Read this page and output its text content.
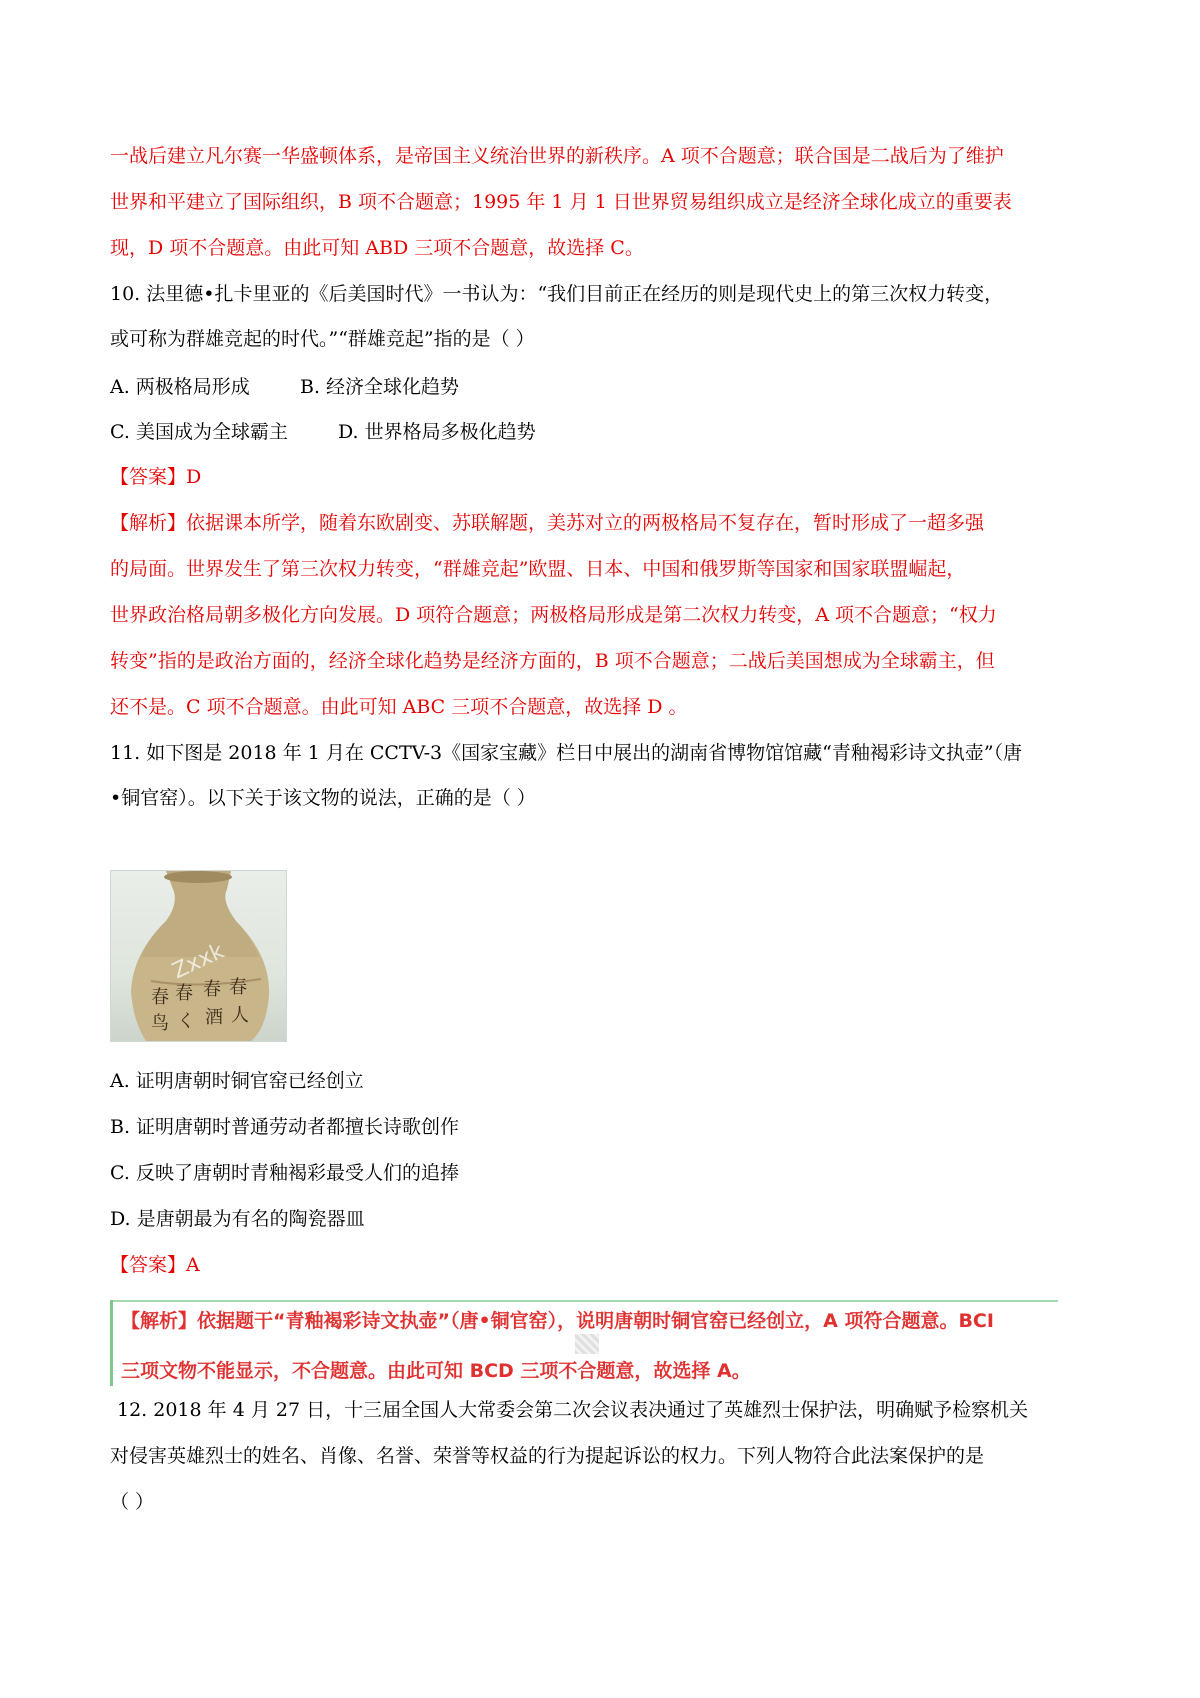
一战后建立凡尔赛一华盛顿体系，是帝国主义统治世界的新秩序。A 项不合题意；联合国是二战后为了维护
世界和平建立了国际组织，B 项不合题意；1995 年 1 月 1 日世界贸易组织成立是经济全球化成立的重要表
现，D 项不合题意。由此可知 ABD 三项不合题意，故选择 C。
10. 法里德•扎卡里亚的《后美国时代》一书认为：“我们目前正在经历的则是现代史上的第三次权力转变，
或可称为群雄竞起的时代。”“群雄竞起”指的是（ ）
A. 两极格局形成	B. 经济全球化趋势
C. 美国成为全球霸主	D. 世界格局多极化趋势
【答案】D
【解析】依据课本所学，随着东欧剧变、苏联解题，美苏对立的两极格局不复存在，暂时形成了一超多强
的局面。世界发生了第三次权力转变，“群雄竞起”欧盟、日本、中国和俄罗斯等国家和国家联盟崛起，
世界政治格局朝多极化方向发展。D 项符合题意；两极格局形成是第二次权力转变，A 项不合题意；“权力
转变”指的是政治方面的，经济全球化趋势是经济方面的，B 项不合题意；二战后美国想成为全球霸主，但
还不是。C 项不合题意。由此可知 ABC 三项不合题意，故选择 D 。
11. 如下图是 2018 年 1 月在 CCTV-3《国家宝藏》栏日中展出的湖南省博物馆馆藏“青釉褐彩诗文执壶”（唐
•铜官窑）。以下关于该文物的说法，正确的是（ ）
春 春 春 春
鸟 く 酒 人
Zxxk
A. 证明唐朝时铜官窑已经创立
B. 证明唐朝时普通劳动者都擅长诗歌创作
C. 反映了唐朝时青釉褐彩最受人们的追捧
D. 是唐朝最为有名的陶瓷器皿
【答案】A
【解析】依据题干“青釉褐彩诗文执壶”（唐•铜官窑），说明唐朝时铜官窑已经创立，A 项符合题意。BCI
三项文物不能显示，不合题意。由此可知 BCD 三项不合题意，故选择 A。
12. 2018 年 4 月 27 日，十三届全国人大常委会第二次会议表决通过了英雄烈士保护法，明确赋予检察机关
对侵害英雄烈士的姓名、肖像、名誉、荣誉等权益的行为提起诉讼的权力。下列人物符合此法案保护的是
（ ）
